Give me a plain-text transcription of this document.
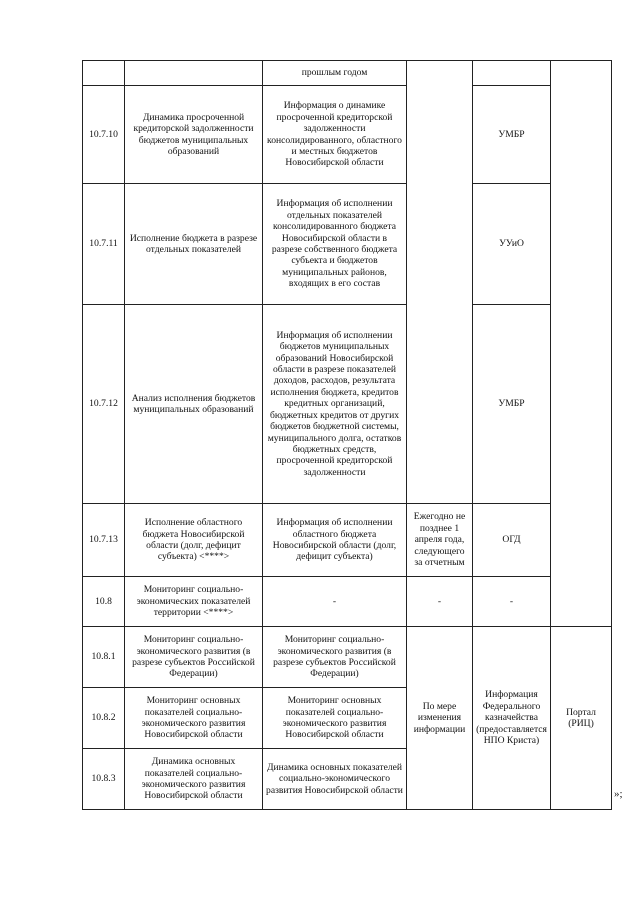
		прошлым годом				
10.7.10	Динамика просроченной кредиторской задолженности бюджетов муниципальных образований	Информация о динамике просроченной кредиторской задолженности консолидированного, областного и местных бюджетов Новосибирской области		УМБР		
10.7.11	Исполнение бюджета в разрезе отдельных показателей	Информация об исполнении отдельных показателей консолидированного бюджета Новосибирской области в разрезе собственного бюджета субъекта и бюджетов муниципальных районов, входящих в его состав		УУиО		
10.7.12	Анализ исполнения бюджетов муниципальных образований	Информация об исполнении бюджетов муниципальных образований Новосибирской области в разрезе показателей доходов, расходов, результата исполнения бюджета, кредитов кредитных организаций, бюджетных кредитов от других бюджетов бюджетной системы, муниципального долга, остатков бюджетных средств, просроченной кредиторской задолженности		УМБР		
10.7.13	Исполнение областного бюджета Новосибирской области (долг, дефицит субъекта) <****>	Информация об исполнении областного бюджета Новосибирской области (долг, дефицит субъекта)	Ежегодно не позднее 1 апреля года, следующего за отчетным	ОГД		
10.8	Мониторинг социально-экономических показателей территории <****>	-	-	-	
10.8.1	Мониторинг социально-экономического развития (в разрезе субъектов Российской Федерации)	Мониторинг социально-экономического развития (в разрезе субъектов Российской Федерации)	По мере изменения информации	Информация Федерального казначейства (предоставляется НПО Криста)	Портал (РИЦ)	
10.8.2	Мониторинг основных показателей социально-экономического развития Новосибирской области	Мониторинг основных показателей социально-экономического развития Новосибирской области				
10.8.3	Динамика основных показателей социально-экономического развития Новосибирской области	Динамика основных показателей социально-экономического развития Новосибирской области					»;
